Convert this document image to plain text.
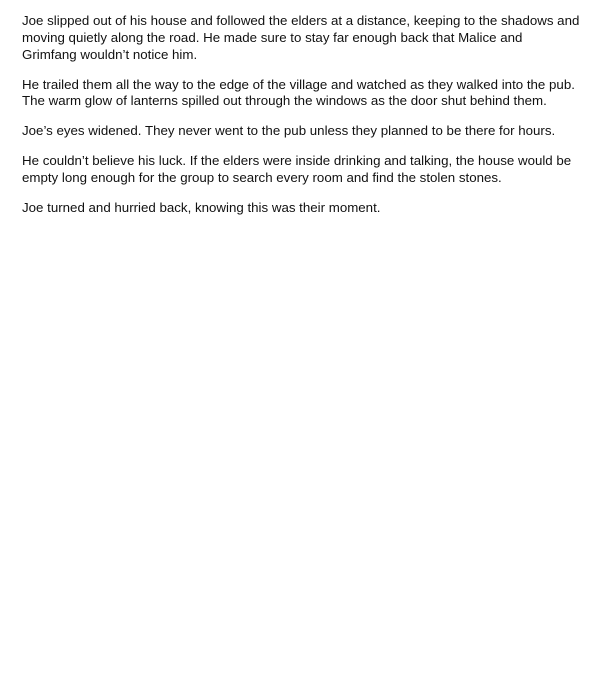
Joe slipped out of his house and followed the elders at a distance, keeping to the shadows and moving quietly along the road. He made sure to stay far enough back that Malice and Grimfang wouldn’t notice him.

He trailed them all the way to the edge of the village and watched as they walked into the pub. The warm glow of lanterns spilled out through the windows as the door shut behind them.

Joe’s eyes widened. They never went to the pub unless they planned to be there for hours.

He couldn’t believe his luck. If the elders were inside drinking and talking, the house would be empty long enough for the group to search every room and find the stolen stones.

Joe turned and hurried back, knowing this was their moment.
